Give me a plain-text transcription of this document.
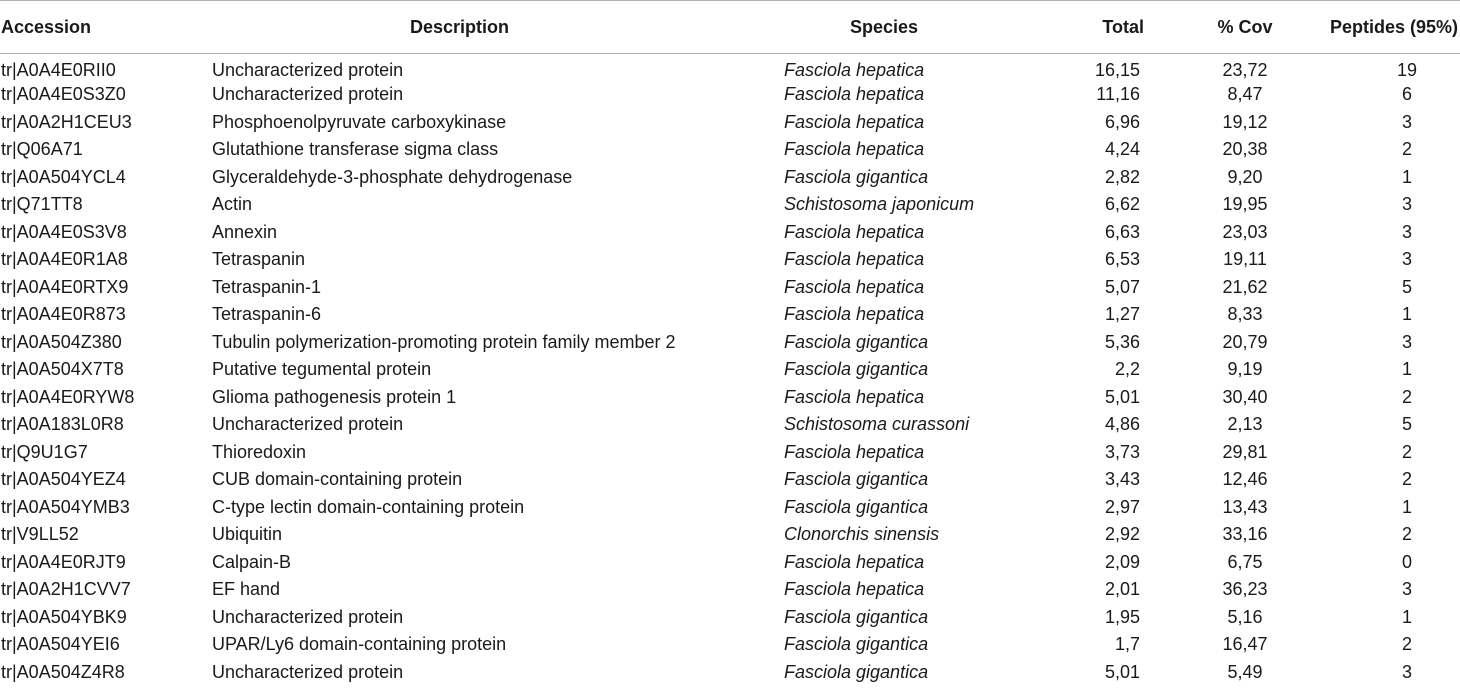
Accession	Description	Species	Total	% Cov	Peptides (95%)
tr|A0A4E0RII0	Uncharacterized protein	Fasciola hepatica	16,15	23,72	19
tr|A0A4E0S3Z0	Uncharacterized protein	Fasciola hepatica	11,16	8,47	6
tr|A0A2H1CEU3	Phosphoenolpyruvate carboxykinase	Fasciola hepatica	6,96	19,12	3
tr|Q06A71	Glutathione transferase sigma class	Fasciola hepatica	4,24	20,38	2
tr|A0A504YCL4	Glyceraldehyde-3-phosphate dehydrogenase	Fasciola gigantica	2,82	9,20	1
tr|Q71TT8	Actin	Schistosoma japonicum	6,62	19,95	3
tr|A0A4E0S3V8	Annexin	Fasciola hepatica	6,63	23,03	3
tr|A0A4E0R1A8	Tetraspanin	Fasciola hepatica	6,53	19,11	3
tr|A0A4E0RTX9	Tetraspanin-1	Fasciola hepatica	5,07	21,62	5
tr|A0A4E0R873	Tetraspanin-6	Fasciola hepatica	1,27	8,33	1
tr|A0A504Z380	Tubulin polymerization-promoting protein family member 2	Fasciola gigantica	5,36	20,79	3
tr|A0A504X7T8	Putative tegumental protein	Fasciola gigantica	2,2	9,19	1
tr|A0A4E0RYW8	Glioma pathogenesis protein 1	Fasciola hepatica	5,01	30,40	2
tr|A0A183L0R8	Uncharacterized protein	Schistosoma curassoni	4,86	2,13	5
tr|Q9U1G7	Thioredoxin	Fasciola hepatica	3,73	29,81	2
tr|A0A504YEZ4	CUB domain-containing protein	Fasciola gigantica	3,43	12,46	2
tr|A0A504YMB3	C-type lectin domain-containing protein	Fasciola gigantica	2,97	13,43	1
tr|V9LL52	Ubiquitin	Clonorchis sinensis	2,92	33,16	2
tr|A0A4E0RJT9	Calpain-B	Fasciola hepatica	2,09	6,75	0
tr|A0A2H1CVV7	EF hand	Fasciola hepatica	2,01	36,23	3
tr|A0A504YBK9	Uncharacterized protein	Fasciola gigantica	1,95	5,16	1
tr|A0A504YEI6	UPAR/Ly6 domain-containing protein	Fasciola gigantica	1,7	16,47	2
tr|A0A504Z4R8	Uncharacterized protein	Fasciola gigantica	5,01	5,49	3
